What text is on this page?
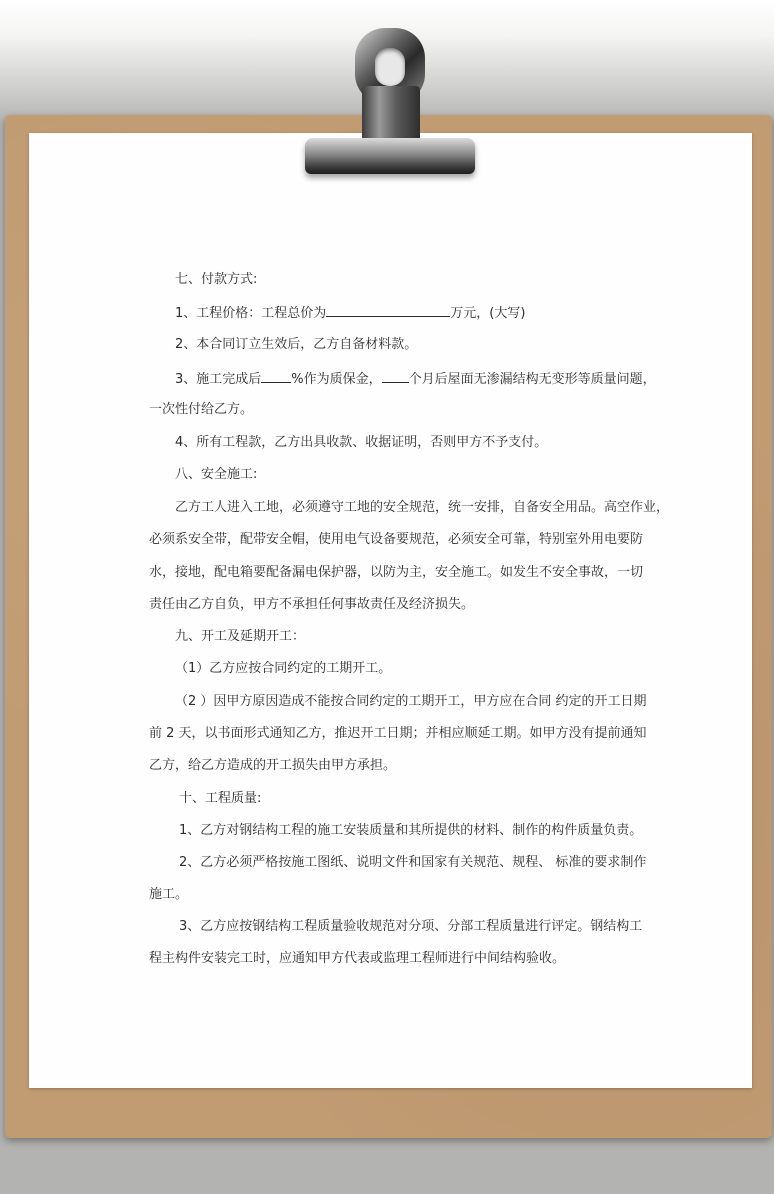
七、付款方式:
1、工程价格：工程总价为	万元，(大写)
2、本合同订立生效后，乙方自备材料款。
3、施工完成后 %作为质保金， 个月后屋面无渗漏结构无变形等质量问题，
一次性付给乙方。
4、所有工程款，乙方出具收款、收据证明，否则甲方不予支付。
八、安全施工:
乙方工人进入工地，必须遵守工地的安全规范，统一安排，自备安全用品。高空作业，
必须系安全带，配带安全帽，使用电气设备要规范，必须安全可靠，特别室外用电要防
水，接地，配电箱要配备漏电保护器，以防为主，安全施工。如发生不安全事故，一切
责任由乙方自负，甲方不承担任何事故责任及经济损失。
九、开工及延期开工：
（1）乙方应按合同约定的工期开工。
（2 ）因甲方原因造成不能按合同约定的工期开工，甲方应在合同 约定的开工日期
前 2 天，以书面形式通知乙方，推迟开工日期；并相应顺延工期。如甲方没有提前通知
乙方，给乙方造成的开工损失由甲方承担。
十、工程质量:
1、乙方对钢结构工程的施工安装质量和其所提供的材料、制作的构件质量负责。
2、乙方必须严格按施工图纸、说明文件和国家有关规范、规程、 标准的要求制作
施工。
3、乙方应按钢结构工程质量验收规范对分项、分部工程质量进行评定。钢结构工
程主构件安装完工时，应通知甲方代表或监理工程师进行中间结构验收。
